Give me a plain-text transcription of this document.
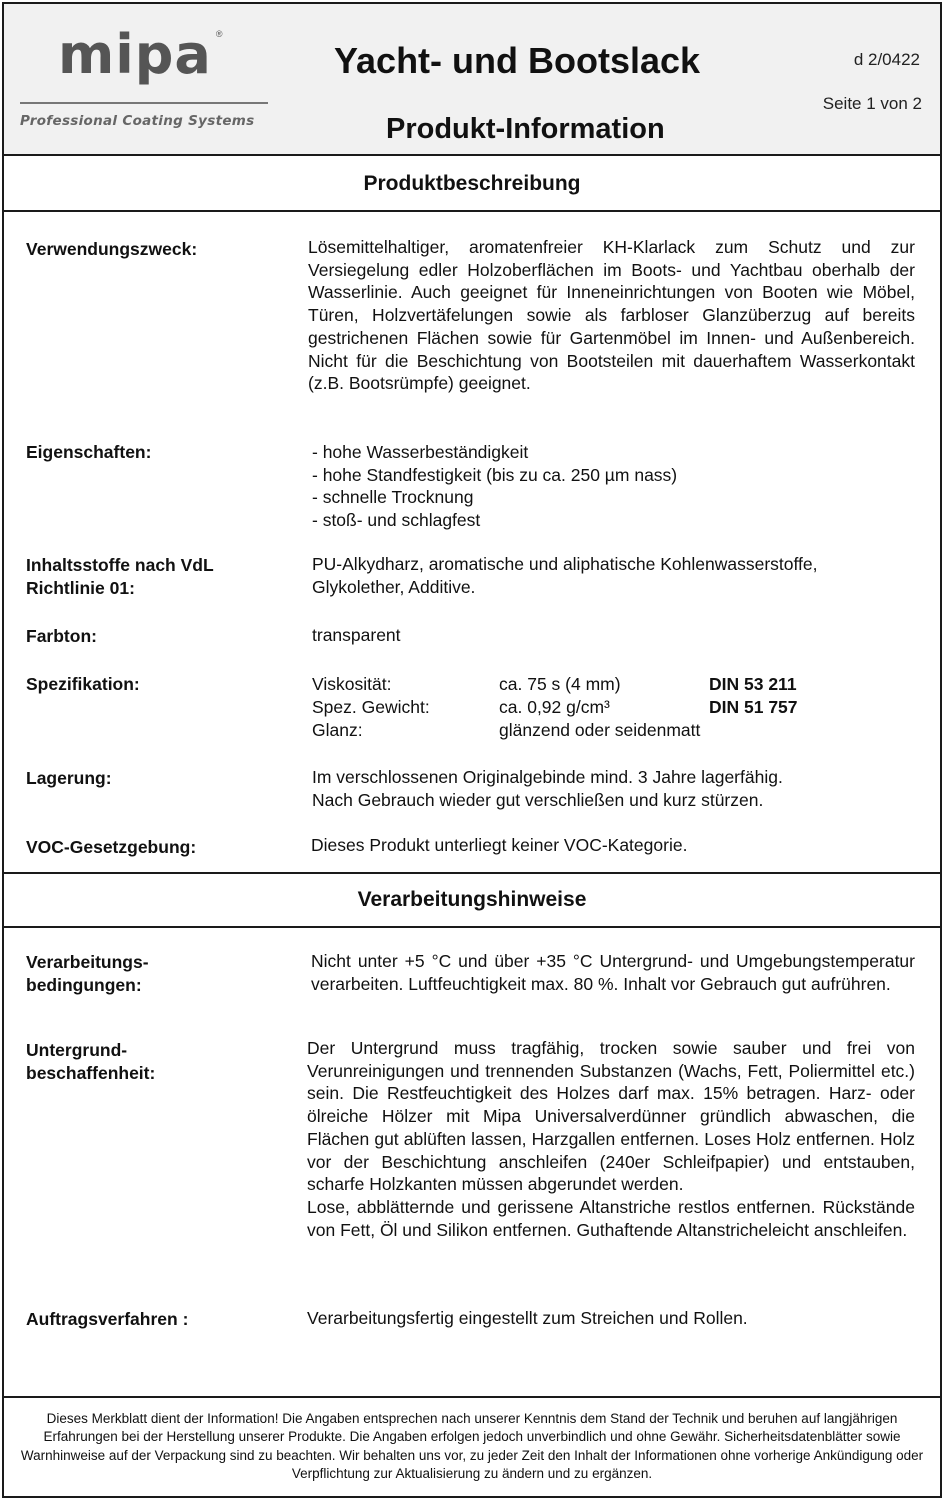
mipa ®
Professional Coating Systems
Yacht- und Bootslack
Produkt-Information
d 2/0422
Seite 1 von 2
Produktbeschreibung
Verwendungszweck:	Lösemittelhaltiger, aromatenfreier KH-Klarlack zum Schutz und zur Versiegelung edler Holzoberflächen im Boots- und Yachtbau oberhalb der Wasserlinie. Auch geeignet für Inneneinrichtungen von Booten wie Möbel, Türen, Holzvertäfelungen sowie als farbloser Glanzüberzug auf bereits gestrichenen Flächen sowie für Gartenmöbel im Innen- und Außenbereich. Nicht für die Beschichtung von Bootsteilen mit dauerhaftem Wasserkontakt (z.B. Bootsrümpfe) geeignet.
Eigenschaften:	- hohe Wasserbeständigkeit
- hohe Standfestigkeit (bis zu ca. 250 µm nass)
- schnelle Trocknung
- stoß- und schlagfest
Inhaltsstoffe nach VdL
Richtlinie 01:
PU-Alkydharz, aromatische und aliphatische Kohlenwasserstoffe, Glykolether, Additive.
Farbton:	transparent
Spezifikation:	Viskosität:	ca. 75 s (4 mm)	DIN 53 211
Spez. Gewicht:	ca. 0,92 g/cm³	DIN 51 757
Glanz:	glänzend oder seidenmatt
Lagerung:	Im verschlossenen Originalgebinde mind. 3 Jahre lagerfähig.
Nach Gebrauch wieder gut verschließen und kurz stürzen.
VOC-Gesetzgebung:	Dieses Produkt unterliegt keiner VOC-Kategorie.
Verarbeitungshinweise
Verarbeitungs-
bedingungen:
Nicht unter +5 °C und über +35 °C Untergrund- und Umgebungstemperatur verarbeiten. Luftfeuchtigkeit max. 80 %. Inhalt vor Gebrauch gut aufrühren.
Untergrund-
beschaffenheit:
Der Untergrund muss tragfähig, trocken sowie sauber und frei von Verunreinigungen und trennenden Substanzen (Wachs, Fett, Poliermittel etc.) sein. Die Restfeuchtigkeit des Holzes darf max. 15% betragen. Harz- oder ölreiche Hölzer mit Mipa Universalverdünner gründlich abwaschen, die Flächen gut ablüften lassen, Harzgallen entfernen. Loses Holz entfernen. Holz vor der Beschichtung anschleifen (240er Schleifpapier) und entstauben, scharfe Holzkanten müssen abgerundet werden.
Lose, abblätternde und gerissene Altanstriche restlos entfernen. Rückstände von Fett, Öl und Silikon entfernen. Guthaftende Altanstricheleicht anschleifen.
Auftragsverfahren :	Verarbeitungsfertig eingestellt zum Streichen und Rollen.
Dieses Merkblatt dient der Information! Die Angaben entsprechen nach unserer Kenntnis dem Stand der Technik und beruhen auf langjährigen Erfahrungen bei der Herstellung unserer Produkte. Die Angaben erfolgen jedoch unverbindlich und ohne Gewähr. Sicherheitsdatenblätter sowie Warnhinweise auf der Verpackung sind zu beachten. Wir behalten uns vor, zu jeder Zeit den Inhalt der Informationen ohne vorherige Ankündigung oder Verpflichtung zur Aktualisierung zu ändern und zu ergänzen.
